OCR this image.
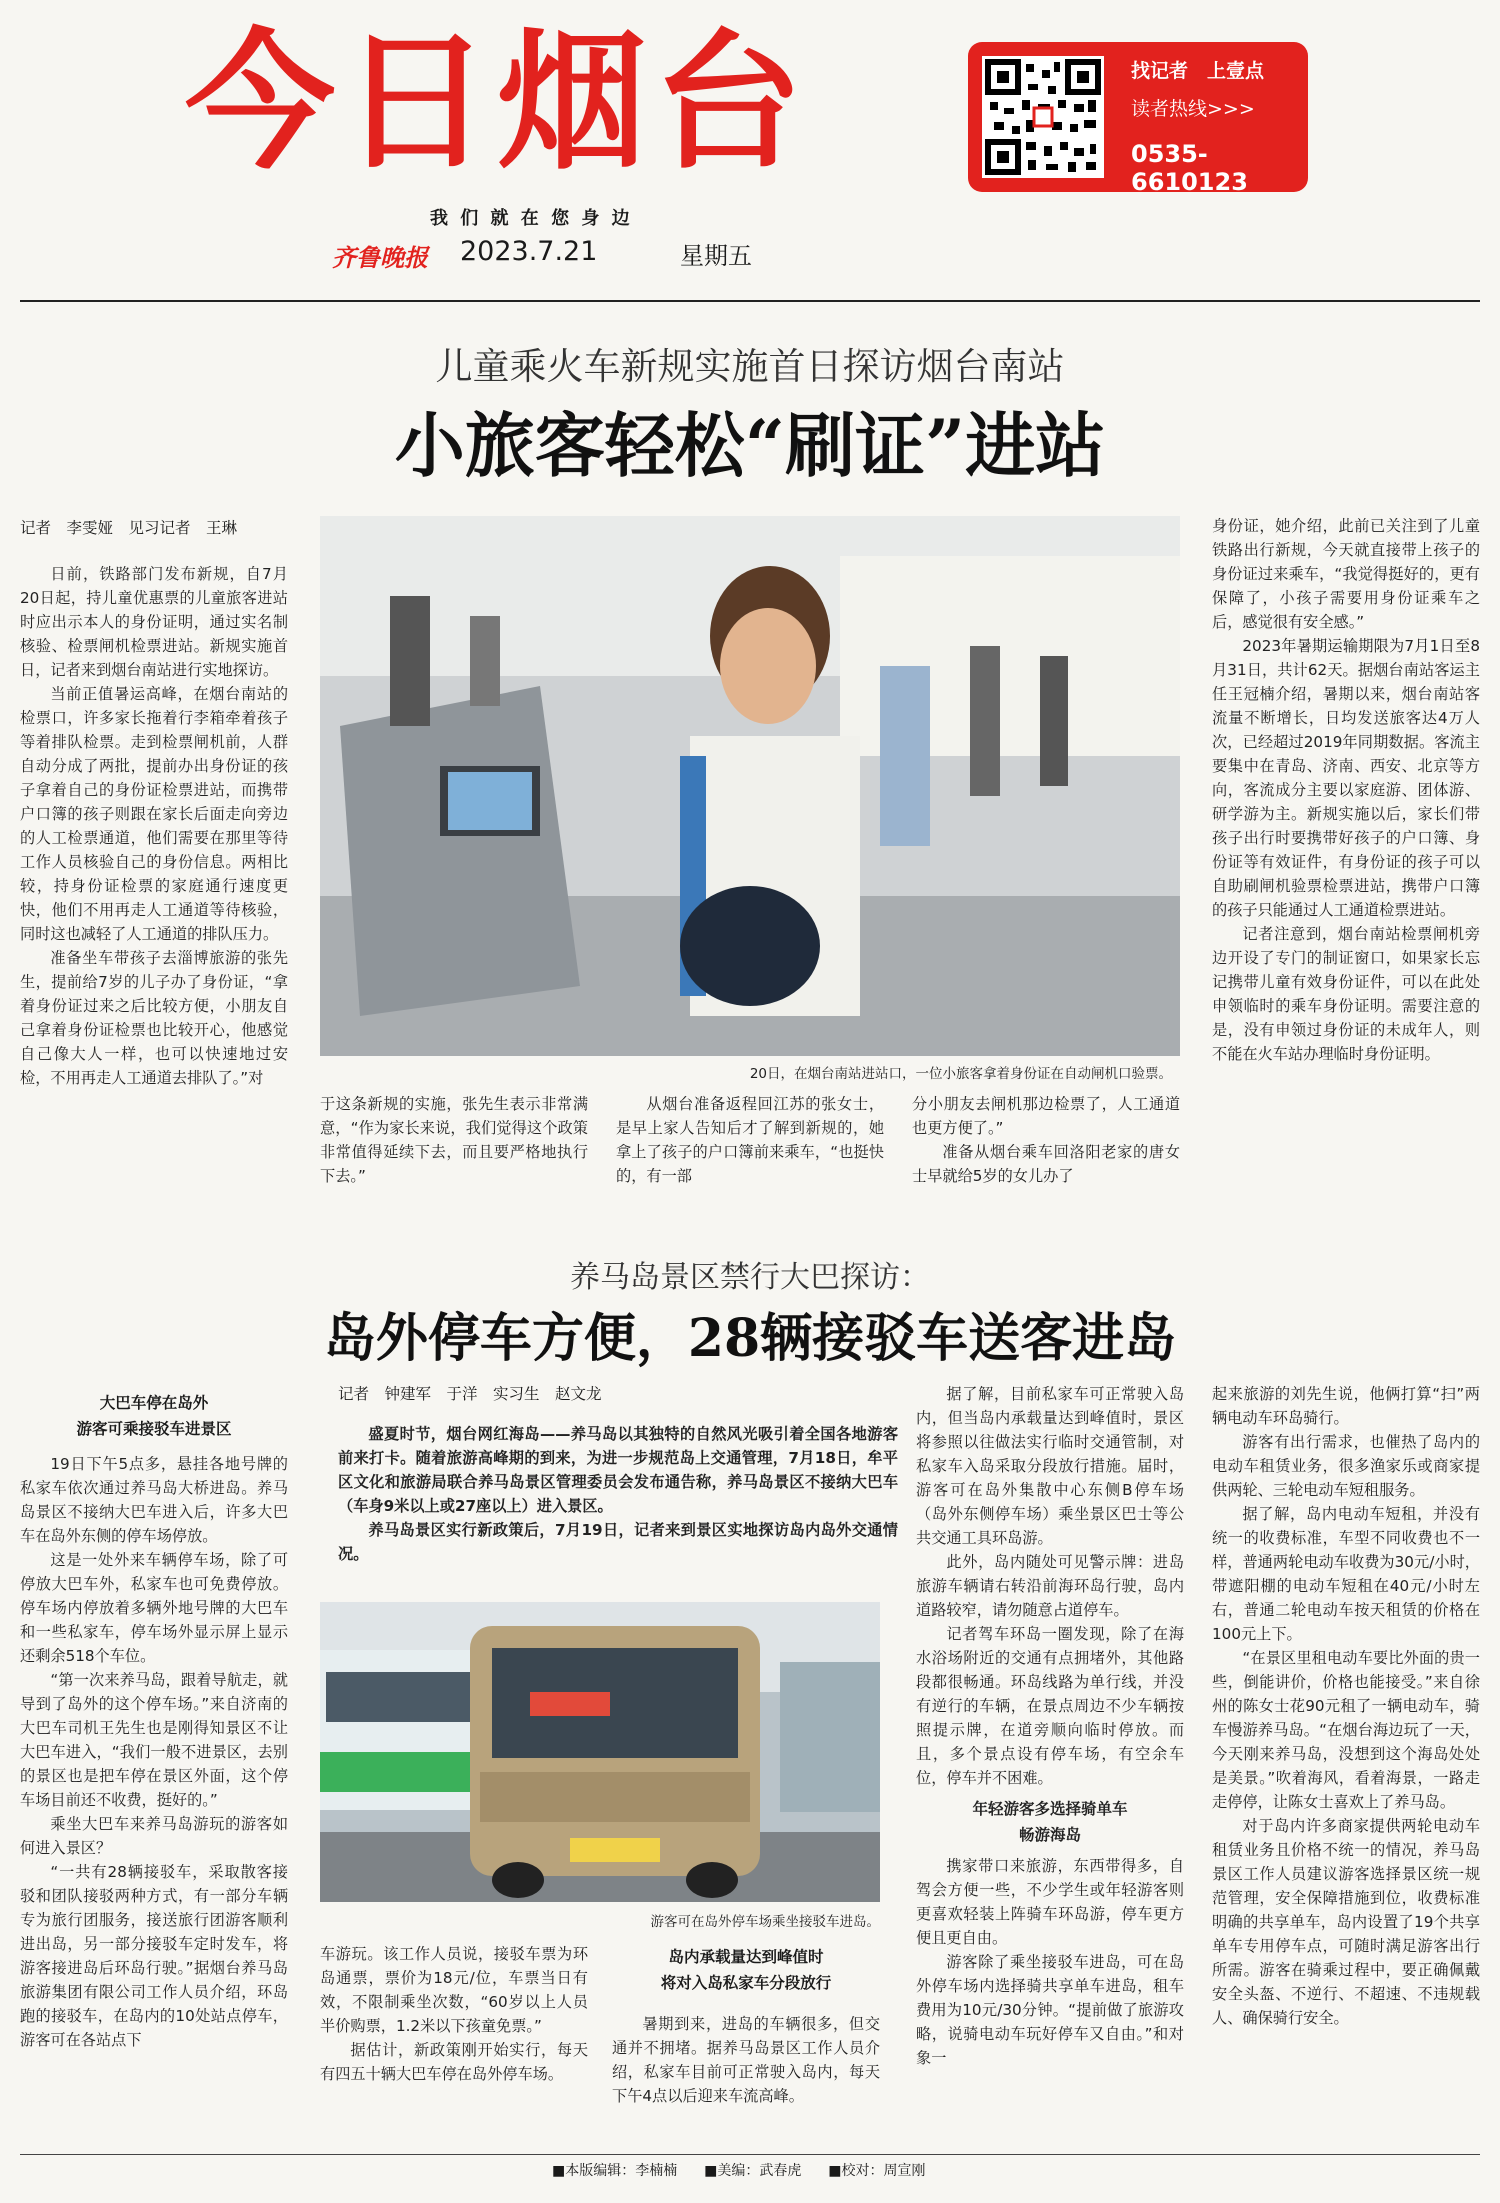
今日烟台
我 们 就 在 您 身 边
齐鲁晚报 2023.7.21	星期五
找记者　上壹点
读者热线>>>
0535-6610123
儿童乘火车新规实施首日探访烟台南站
小旅客轻松“刷证”进站
记者　李雯娅　见习记者　王琳

日前，铁路部门发布新规，自7月20日起，持儿童优惠票的儿童旅客进站时应出示本人的身份证明，通过实名制核验、检票闸机检票进站。新规实施首日，记者来到烟台南站进行实地探访。

当前正值暑运高峰，在烟台南站的检票口，许多家长拖着行李箱牵着孩子等着排队检票。走到检票闸机前，人群自动分成了两批，提前办出身份证的孩子拿着自己的身份证检票进站，而携带户口簿的孩子则跟在家长后面走向旁边的人工检票通道，他们需要在那里等待工作人员核验自己的身份信息。两相比较，持身份证检票的家庭通行速度更快，他们不用再走人工通道等待核验，同时这也减轻了人工通道的排队压力。

准备坐车带孩子去淄博旅游的张先生，提前给7岁的儿子办了身份证，“拿着身份证过来之后比较方便，小朋友自己拿着身份证检票也比较开心，他感觉自己像大人一样，也可以快速地过安检，不用再走人工通道去排队了。”对	20日，在烟台南站进站口，一位小旅客拿着身份证在自动闸机口验票。

身份证，她介绍，此前已关注到了儿童铁路出行新规，今天就直接带上孩子的身份证过来乘车，“我觉得挺好的，更有保障了，小孩子需要用身份证乘车之后，感觉很有安全感。”

2023年暑期运输期限为7月1日至8月31日，共计62天。据烟台南站客运主任王冠楠介绍，暑期以来，烟台南站客流量不断增长，日均发送旅客达4万人次，已经超过2019年同期数据。客流主要集中在青岛、济南、西安、北京等方向，客流成分主要以家庭游、团体游、研学游为主。新规实施以后，家长们带孩子出行时要携带好孩子的户口簿、身份证等有效证件，有身份证的孩子可以自助刷闸机验票检票进站，携带户口簿的孩子只能通过人工通道检票进站。

记者注意到，烟台南站检票闸机旁边开设了专门的制证窗口，如果家长忘记携带儿童有效身份证件，可以在此处申领临时的乘车身份证明。需要注意的是，没有申领过身份证的未成年人，则不能在火车站办理临时身份证明。

于这条新规的实施，张先生表示非常满意，“作为家长来说，我们觉得这个政策非常值得延续下去，而且要严格地执行下去。”

从烟台准备返程回江苏的张女士，是早上家人告知后才了解到新规的，她拿上了孩子的户口簿前来乘车，“也挺快的，有一部

分小朋友去闸机那边检票了，人工通道也更方便了。”

准备从烟台乘车回洛阳老家的唐女士早就给5岁的女儿办了

养马岛景区禁行大巴探访：
岛外停车方便，28辆接驳车送客进岛
大巴车停在岛外
游客可乘接驳车进景区

19日下午5点多，悬挂各地号牌的私家车依次通过养马岛大桥进岛。养马岛景区不接纳大巴车进入后，许多大巴车在岛外东侧的停车场停放。

这是一处外来车辆停车场，除了可停放大巴车外，私家车也可免费停放。停车场内停放着多辆外地号牌的大巴车和一些私家车，停车场外显示屏上显示还剩余518个车位。

“第一次来养马岛，跟着导航走，就导到了岛外的这个停车场。”来自济南的大巴车司机王先生也是刚得知景区不让大巴车进入，“我们一般不进景区，去别的景区也是把车停在景区外面，这个停车场目前还不收费，挺好的。”

乘坐大巴车来养马岛游玩的游客如何进入景区？

“一共有28辆接驳车，采取散客接驳和团队接驳两种方式，有一部分车辆专为旅行团服务，接送旅行团游客顺利进出岛，另一部分接驳车定时发车，将游客接进岛后环岛行驶。”据烟台养马岛旅游集团有限公司工作人员介绍，环岛跑的接驳车，在岛内的10处站点停车，游客可在各站点下

记者　钟建军　于洋　实习生　赵文龙

盛夏时节，烟台网红海岛——养马岛以其独特的自然风光吸引着全国各地游客前来打卡。随着旅游高峰期的到来，为进一步规范岛上交通管理，7月18日，牟平区文化和旅游局联合养马岛景区管理委员会发布通告称，养马岛景区不接纳大巴车（车身9米以上或27座以上）进入景区。

养马岛景区实行新政策后，7月19日，记者来到景区实地探访岛内岛外交通情况。

游客可在岛外停车场乘坐接驳车进岛。

车游玩。该工作人员说，接驳车票为环岛通票，票价为18元/位，车票当日有效，不限制乘坐次数，“60岁以上人员半价购票，1.2米以下孩童免票。”

据估计，新政策刚开始实行，每天有四五十辆大巴车停在岛外停车场。

岛内承载量达到峰值时
将对入岛私家车分段放行

暑期到来，进岛的车辆很多，但交通并不拥堵。据养马岛景区工作人员介绍，私家车目前可正常驶入岛内，每天下午4点以后迎来车流高峰。

据了解，目前私家车可正常驶入岛内，但当岛内承载量达到峰值时，景区将参照以往做法实行临时交通管制，对私家车入岛采取分段放行措施。届时，游客可在岛外集散中心东侧B停车场（岛外东侧停车场）乘坐景区巴士等公共交通工具环岛游。

此外，岛内随处可见警示牌：进岛旅游车辆请右转沿前海环岛行驶，岛内道路较窄，请勿随意占道停车。

记者驾车环岛一圈发现，除了在海水浴场附近的交通有点拥堵外，其他路段都很畅通。环岛线路为单行线，并没有逆行的车辆，在景点周边不少车辆按照提示牌，在道旁顺向临时停放。而且，多个景点设有停车场，有空余车位，停车并不困难。

年轻游客多选择骑单车
畅游海岛

携家带口来旅游，东西带得多，自驾会方便一些，不少学生或年轻游客则更喜欢轻装上阵骑车环岛游，停车更方便且更自由。

游客除了乘坐接驳车进岛，可在岛外停车场内选择骑共享单车进岛，租车费用为10元/30分钟。“提前做了旅游攻略，说骑电动车玩好停车又自由。”和对象一

起来旅游的刘先生说，他俩打算“扫”两辆电动车环岛骑行。

游客有出行需求，也催热了岛内的电动车租赁业务，很多渔家乐或商家提供两轮、三轮电动车短租服务。

据了解，岛内电动车短租，并没有统一的收费标准，车型不同收费也不一样，普通两轮电动车收费为30元/小时，带遮阳棚的电动车短租在40元/小时左右，普通二轮电动车按天租赁的价格在100元上下。

“在景区里租电动车要比外面的贵一些，倒能讲价，价格也能接受。”来自徐州的陈女士花90元租了一辆电动车，骑车慢游养马岛。“在烟台海边玩了一天，今天刚来养马岛，没想到这个海岛处处是美景。”吹着海风，看着海景，一路走走停停，让陈女士喜欢上了养马岛。

对于岛内许多商家提供两轮电动车租赁业务且价格不统一的情况，养马岛景区工作人员建议游客选择景区统一规范管理，安全保障措施到位，收费标准明确的共享单车，岛内设置了19个共享单车专用停车点，可随时满足游客出行所需。游客在骑乘过程中，要正确佩戴安全头盔、不逆行、不超速、不违规载人、确保骑行安全。

■本版编辑：李楠楠 ■美编：武春虎 ■校对：周宣刚
